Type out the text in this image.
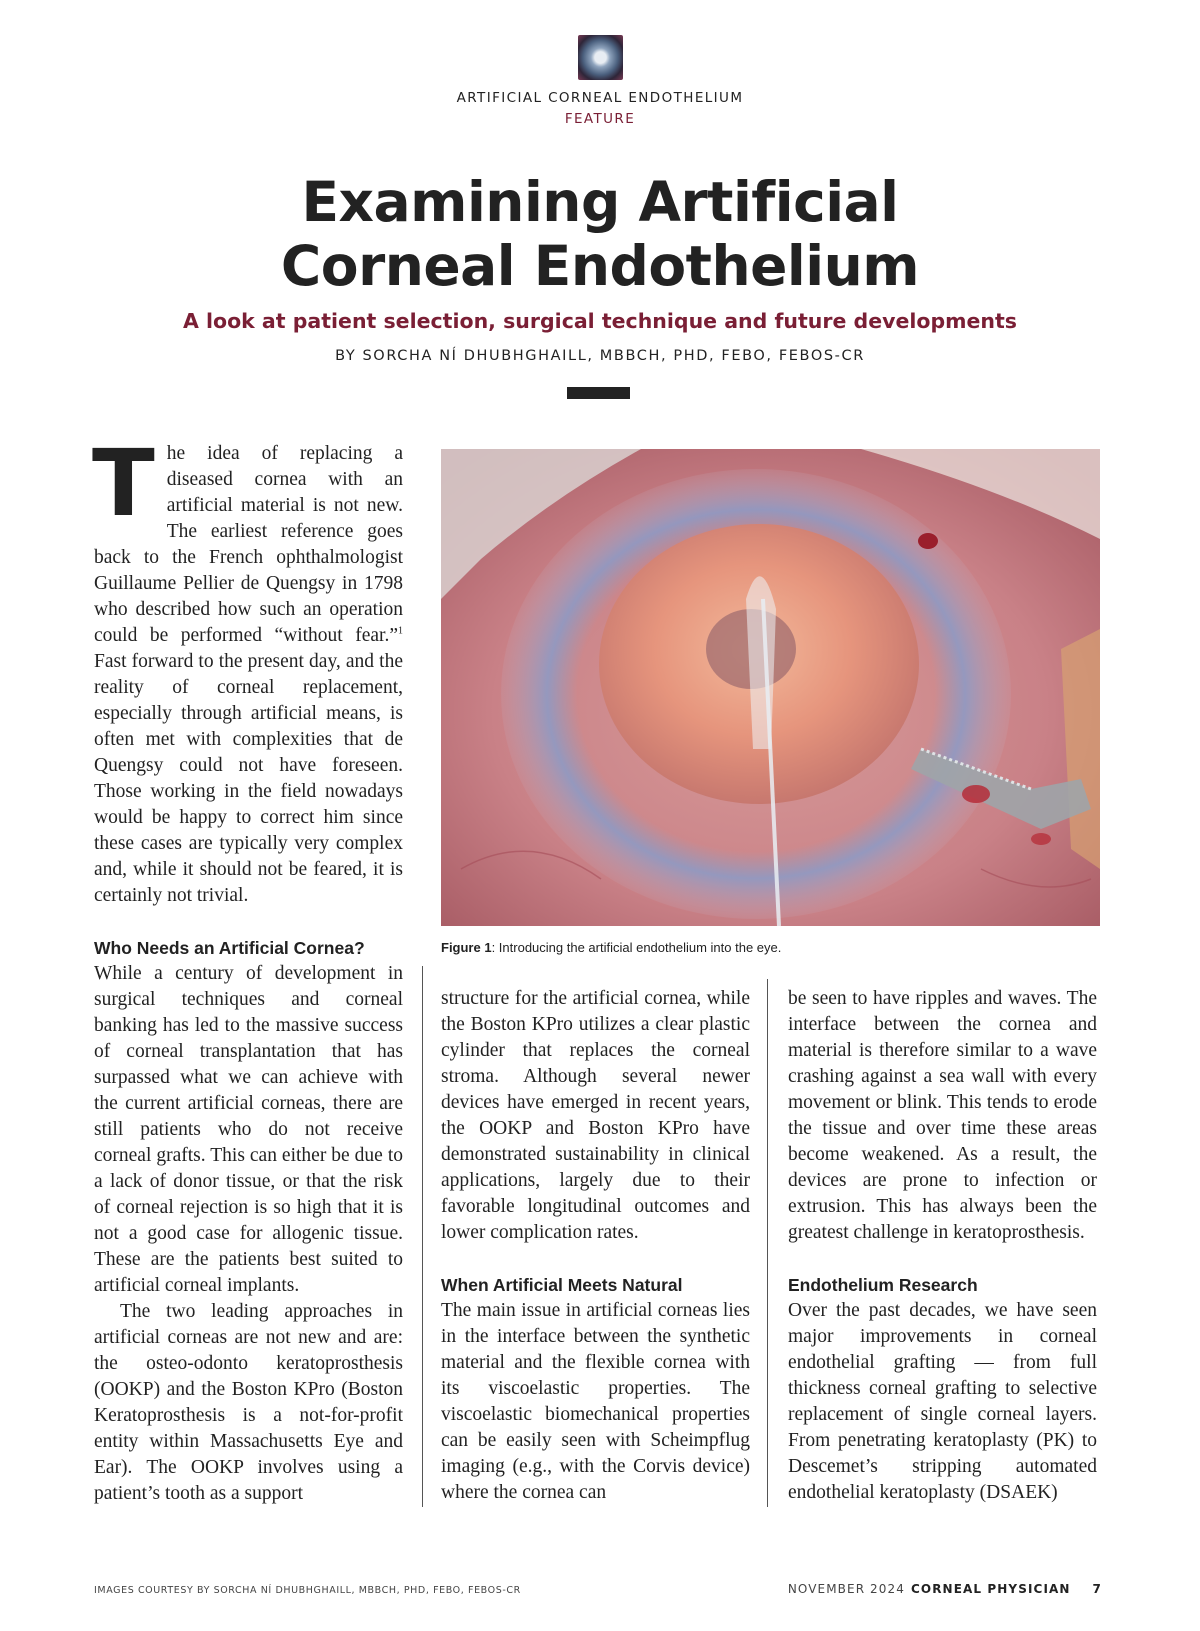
ARTIFICIAL CORNEAL ENDOTHELIUM
FEATURE
Examining Artificial
Corneal Endothelium
A look at patient selection, surgical technique and future developments
BY SORCHA NÍ DHUBHGHAILL, MBBCH, PHD, FEBO, FEBOS-CR

The idea of replacing a diseased cornea with an artificial material is not new. The earliest reference goes back to the French ophthalmologist Guillaume Pellier de Quengsy in 1798 who described how such an operation could be performed “without fear.”$^1$ Fast forward to the present day, and the reality of corneal replacement, especially through artificial means, is often met with complexities that de Quengsy could not have foreseen. Those working in the field nowadays would be happy to correct him since these cases are typically very complex and, while it should not be feared, it is certainly not trivial.

Who Needs an Artificial Cornea?

While a century of development in surgical techniques and corneal banking has led to the massive success of corneal transplantation that has surpassed what we can achieve with the current artificial corneas, there are still patients who do not receive corneal grafts. This can either be due to a lack of donor tissue, or that the risk of corneal rejection is so high that it is not a good case for allogenic tissue. These are the patients best suited to artificial corneal implants.

The two leading approaches in artificial corneas are not new and are: the osteo-odonto keratoprosthesis (OOKP) and the Boston KPro (Boston Keratoprosthesis is a not-for-profit entity within Massachusetts Eye and Ear). The OOKP involves using a patient’s tooth as a support

Figure 1: Introducing the artificial endothelium into the eye.

structure for the artificial cornea, while the Boston KPro utilizes a clear plastic cylinder that replaces the corneal stroma. Although several newer devices have emerged in recent years, the OOKP and Boston KPro have demonstrated sustainability in clinical applications, largely due to their favorable longitudinal outcomes and lower complication rates.

When Artificial Meets Natural

The main issue in artificial corneas lies in the interface between the synthetic material and the flexible cornea with its viscoelastic properties. The viscoelastic biomechanical properties can be easily seen with Scheimpflug imaging (e.g., with the Corvis device) where the cornea can

be seen to have ripples and waves. The interface between the cornea and material is therefore similar to a wave crashing against a sea wall with every movement or blink. This tends to erode the tissue and over time these areas become weakened. As a result, the devices are prone to infection or extrusion. This has always been the greatest challenge in keratoprosthesis.

Endothelium Research

Over the past decades, we have seen major improvements in corneal endothelial grafting — from full thickness corneal grafting to selective replacement of single corneal layers. From penetrating keratoplasty (PK) to Descemet’s stripping automated endothelial keratoplasty (DSAEK)

IMAGES COURTESY BY SORCHA NÍ DHUBHGHAILL, MBBCH, PHD, FEBO, FEBOS-CR	NOVEMBER 2024 CORNEAL PHYSICIAN 7
